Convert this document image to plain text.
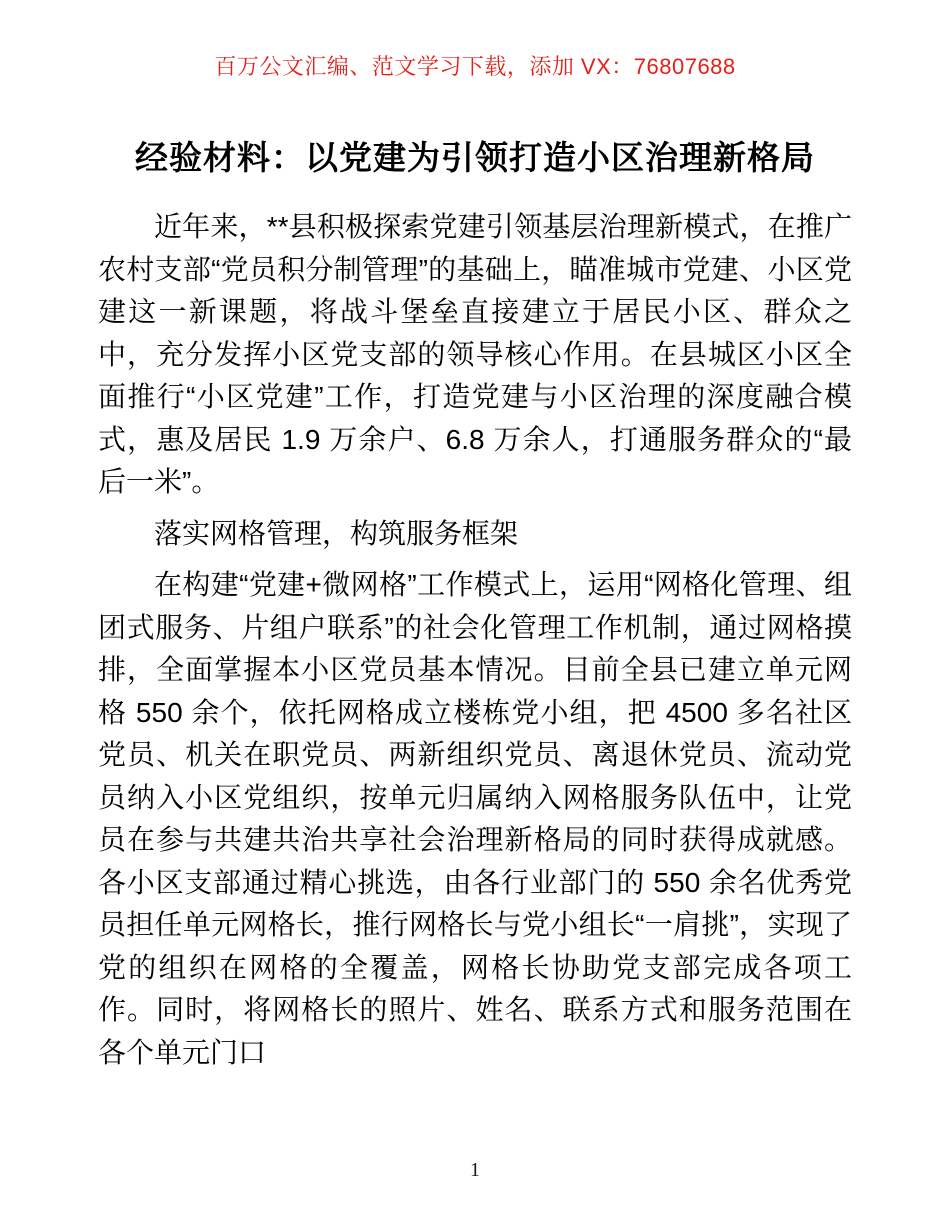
百万公文汇编、范文学习下载，添加 VX：76807688
经验材料：以党建为引领打造小区治理新格局

近年来，**县积极探索党建引领基层治理新模式，在推广农村支部“党员积分制管理”的基础上，瞄准城市党建、小区党建这一新课题，将战斗堡垒直接建立于居民小区、群众之中，充分发挥小区党支部的领导核心作用。在县城区小区全面推行“小区党建”工作，打造党建与小区治理的深度融合模式，惠及居民 1.9 万余户、6.8 万余人，打通服务群众的“最后一米”。

落实网格管理，构筑服务框架

在构建“党建+微网格”工作模式上，运用“网格化管理、组团式服务、片组户联系”的社会化管理工作机制，通过网格摸排，全面掌握本小区党员基本情况。目前全县已建立单元网格 550 余个，依托网格成立楼栋党小组，把 4500 多名社区党员、机关在职党员、两新组织党员、离退休党员、流动党员纳入小区党组织，按单元归属纳入网格服务队伍中，让党员在参与共建共治共享社会治理新格局的同时获得成就感。各小区支部通过精心挑选，由各行业部门的 550 余名优秀党员担任单元网格长，推行网格长与党小组长“一肩挑”，实现了党的组织在网格的全覆盖，网格长协助党支部完成各项工作。同时，将网格长的照片、姓名、联系方式和服务范围在各个单元门口

1
